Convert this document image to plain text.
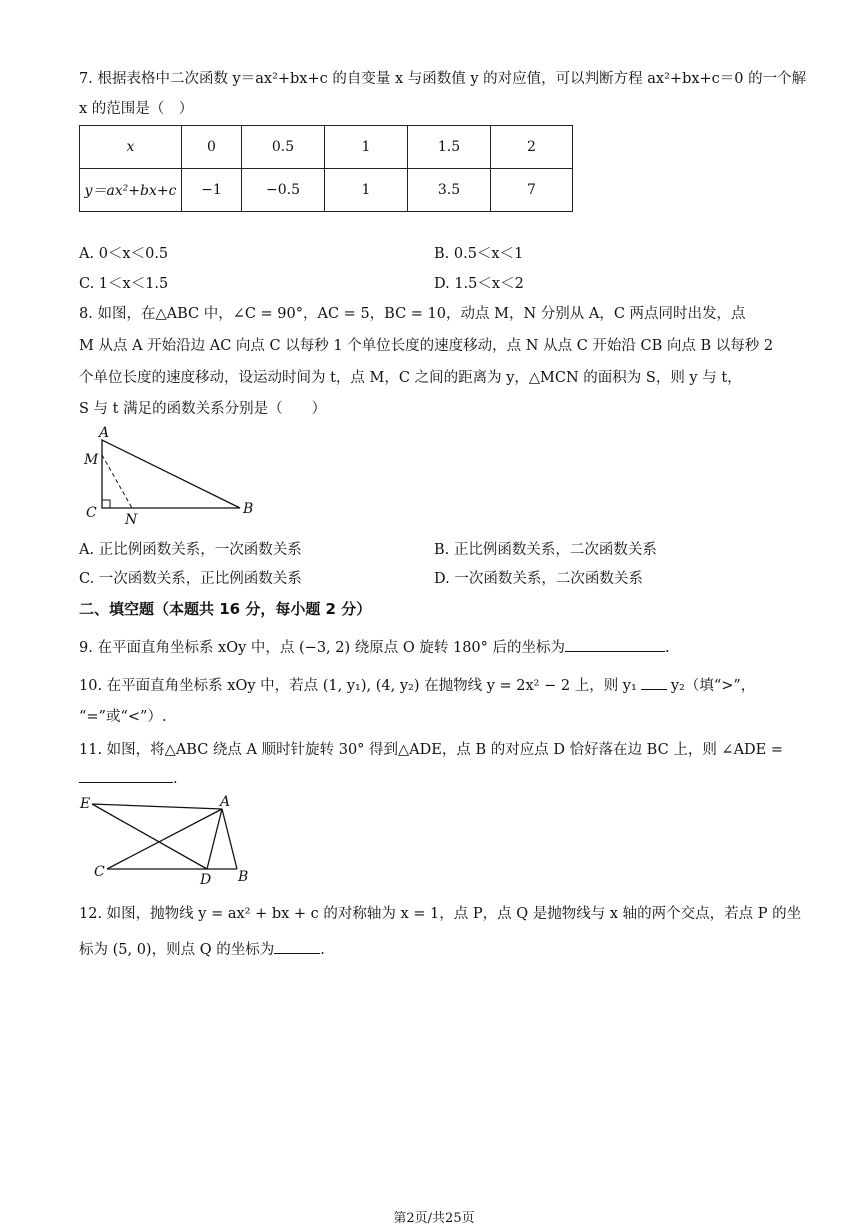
7. 根据表格中二次函数 y＝ax²+bx+c 的自变量 x 与函数值 y 的对应值，可以判断方程 ax²+bx+c＝0 的一个解
x 的范围是（　）
x	0	0.5	1	1.5	2
y＝ax²+bx+c	−1	−0.5	1	3.5	7
A. 0＜x＜0.5	B. 0.5＜x＜1
C. 1＜x＜1.5	D. 1.5＜x＜2
8. 如图，在△ABC 中，∠C = 90°，AC = 5，BC = 10，动点 M，N 分别从 A，C 两点同时出发，点
M 从点 A 开始沿边 AC 向点 C 以每秒 1 个单位长度的速度移动，点 N 从点 C 开始沿 CB 向点 B 以每秒 2
个单位长度的速度移动，设运动时间为 t，点 M，C 之间的距离为 y，△MCN 的面积为 S，则 y 与 t，
S 与 t 满足的函数关系分别是（　　）
A
M
C N
B
A. 正比例函数关系，一次函数关系	B. 正比例函数关系，二次函数关系
C. 一次函数关系，正比例函数关系	D. 一次函数关系，二次函数关系
二、填空题（本题共 16 分，每小题 2 分）
9. 在平面直角坐标系 xOy 中，点 (−3, 2) 绕原点 O 旋转 180° 后的坐标为	.
10. 在平面直角坐标系 xOy 中，若点 (1, y₁), (4, y₂) 在抛物线 y = 2x² − 2 上，则 y₁ y₂（填“>”，
“=”或“<”）.
11. 如图，将△ABC 绕点 A 顺时针旋转 30° 得到△ADE，点 B 的对应点 D 恰好落在边 BC 上，则 ∠ADE =
.
E	A
C	D B
12. 如图，抛物线 y = ax² + bx + c 的对称轴为 x = 1，点 P，点 Q 是抛物线与 x 轴的两个交点，若点 P 的坐
标为 (5, 0)，则点 Q 的坐标为	.
第2页/共25页
